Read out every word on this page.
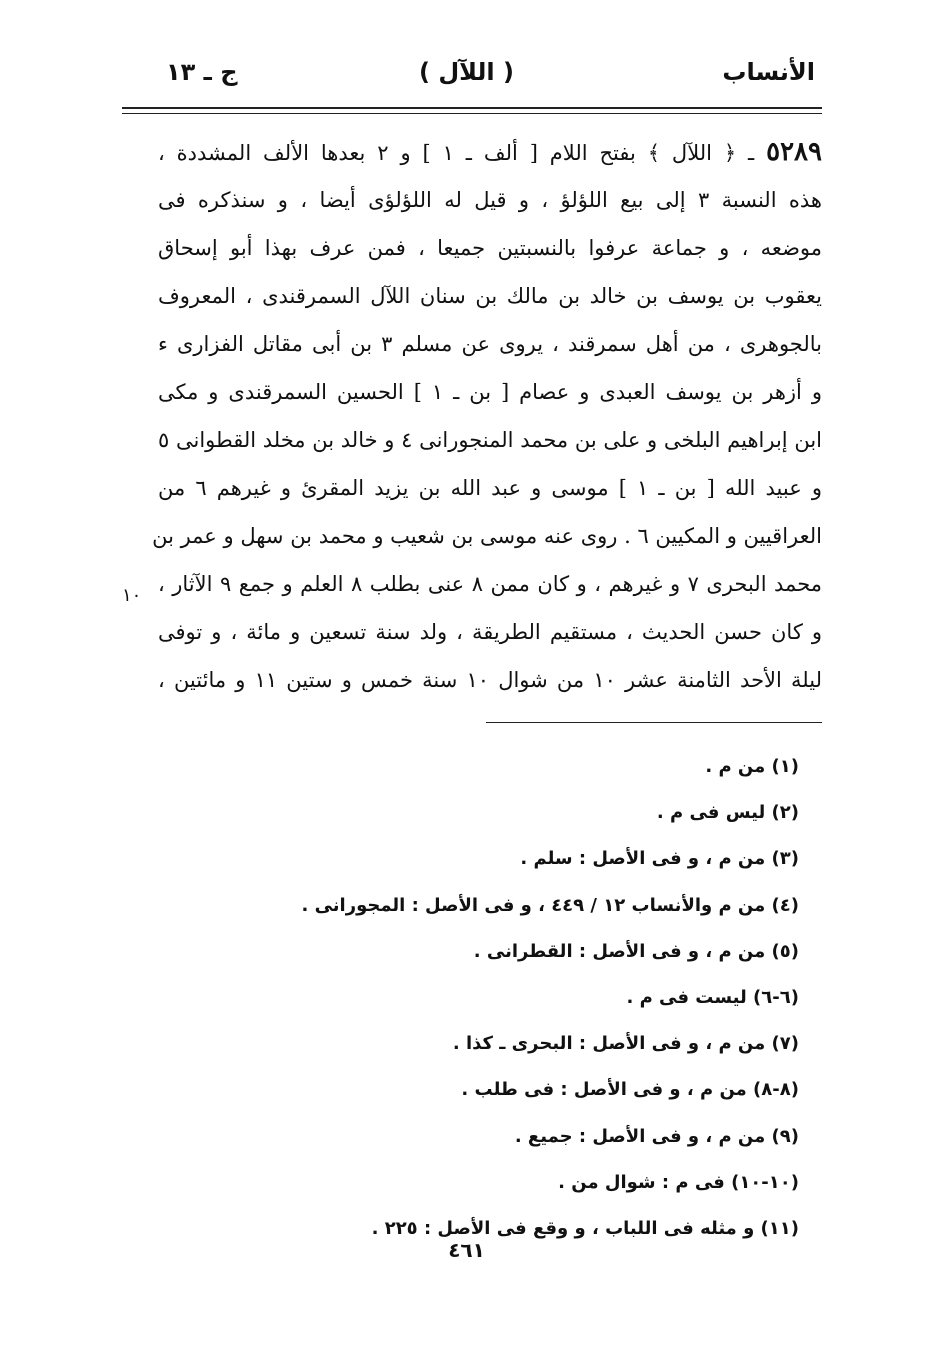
الأنساب
( اللآل )
ج ـ ١٣
٥٢٨٩ ـ ﴿ اللآل ﴾ بفتح اللام [ ألف ـ ١ ] و ٢ بعدها الألف المشددة ،
هذه النسبة ٣ إلى بيع اللؤلؤ ، و قيل له اللؤلؤى أيضا ، و سنذكره فى
موضعه ، و جماعة عرفوا بالنسبتين جميعا ، فمن عرف بهذا أبو إسحاق
يعقوب بن يوسف بن خالد بن مالك بن سنان اللآل السمرقندى ، المعروف
بالجوهرى ، من أهل سمرقند ، يروى عن مسلم ٣ بن أبى مقاتل الفزارى ء
و أزهر بن يوسف العبدى و عصام [ بن ـ ١ ] الحسين السمرقندى و مكى
ابن إبراهيم البلخى و على بن محمد المنجورانى ٤ و خالد بن مخلد القطوانى ٥
و عبيد الله [ بن ـ ١ ] موسى و عبد الله بن يزيد المقرئ و غيرهم ٦ من
العراقيين و المكيين ٦ . روى عنه موسى بن شعيب و محمد بن سهل و عمر بن
محمد البحرى ٧ و غيرهم ، و كان ممن ٨ عنى بطلب ٨ العلم و جمع ٩ الآثار ،
و كان حسن الحديث ، مستقيم الطريقة ، ولد سنة تسعين و مائة ، و توفى
ليلة الأحد الثامنة عشر ١٠ من شوال ١٠ سنة خمس و ستين ١١ و مائتين ،
١٠
(١) من م .
(٢) ليس فى م .
(٣) من م ، و فى الأصل : سلم .
(٤) من م والأنساب ١٢ / ٤٤٩ ، و فى الأصل : المجورانى .
(٥) من م ، و فى الأصل : القطرانى .
(٦-٦) ليست فى م .
(٧) من م ، و فى الأصل : البحرى ـ كذا .
(٨-٨) من م ، و فى الأصل : فى طلب .
(٩) من م ، و فى الأصل : جميع .
(١٠-١٠) فى م : شوال من .
(١١) و مثله فى اللباب ، و وقع فى الأصل : ٢٢٥ .
٤٦١
